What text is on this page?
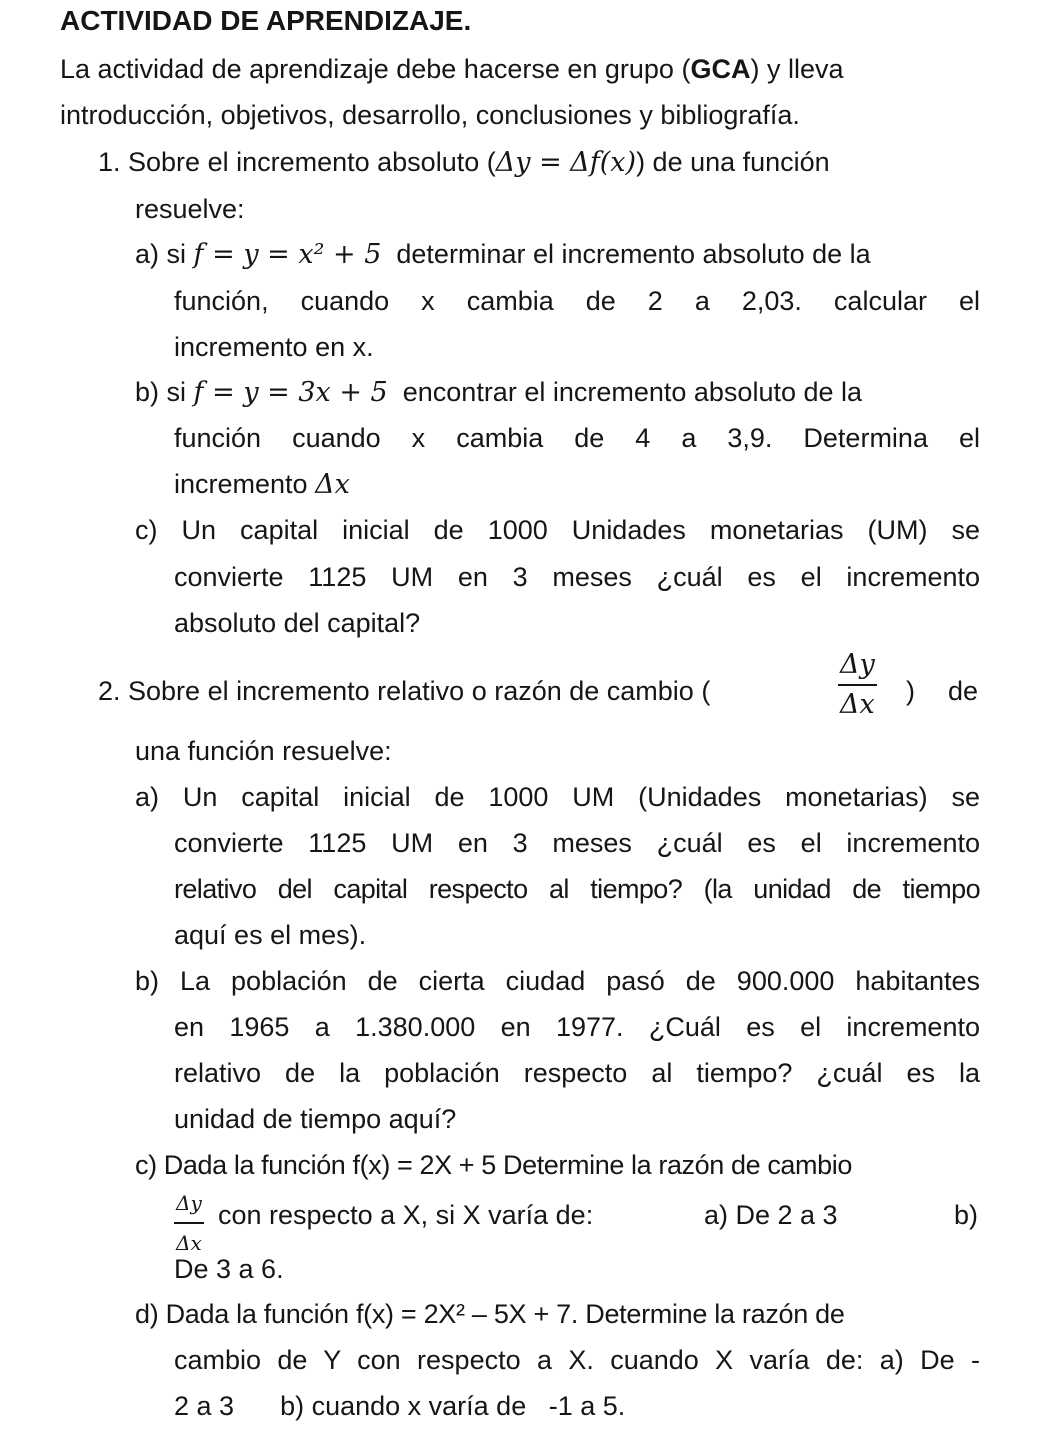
ACTIVIDAD DE APRENDIZAJE.
La actividad de aprendizaje debe hacerse en grupo (GCA) y lleva
introducción, objetivos, desarrollo, conclusiones y bibliografía.
1. Sobre el incremento absoluto (Δy = Δf(x)) de una función
resuelve:
a) si f = y = x² + 5 determinar el incremento absoluto de la
función, cuando x cambia de 2 a 2,03. calcular el
incremento en x.
b) si f = y = 3x + 5 encontrar el incremento absoluto de la
función cuando x cambia de 4 a 3,9. Determina el
incremento Δx
c) Un capital inicial de 1000 Unidades monetarias (UM) se
convierte 1125 UM en 3 meses ¿cuál es el incremento
absoluto del capital?
2. Sobre el incremento relativo o razón de cambio (	$\frac{\Delta y}{\Delta x}$ ) de
una función resuelve:
a) Un capital inicial de 1000 UM (Unidades monetarias) se
convierte 1125 UM en 3 meses ¿cuál es el incremento
relativo del capital respecto al tiempo? (la unidad de tiempo
aquí es el mes).
b) La población de cierta ciudad pasó de 900.000 habitantes
en 1965 a 1.380.000 en 1977. ¿Cuál es el incremento
relativo de la población respecto al tiempo? ¿cuál es la
unidad de tiempo aquí?
c) Dada la función f(x) = 2X + 5 Determine la razón de cambio
$\frac{\Delta y}{\Delta x}$ con respecto a X, si X varía de:	a) De 2 a 3	b)
De 3 a 6.
d) Dada la función f(x) = 2X² – 5X + 7. Determine la razón de
cambio de Y con respecto a X. cuando X varía de: a) De -
2 a 3 b) cuando x varía de   -1 a 5.
